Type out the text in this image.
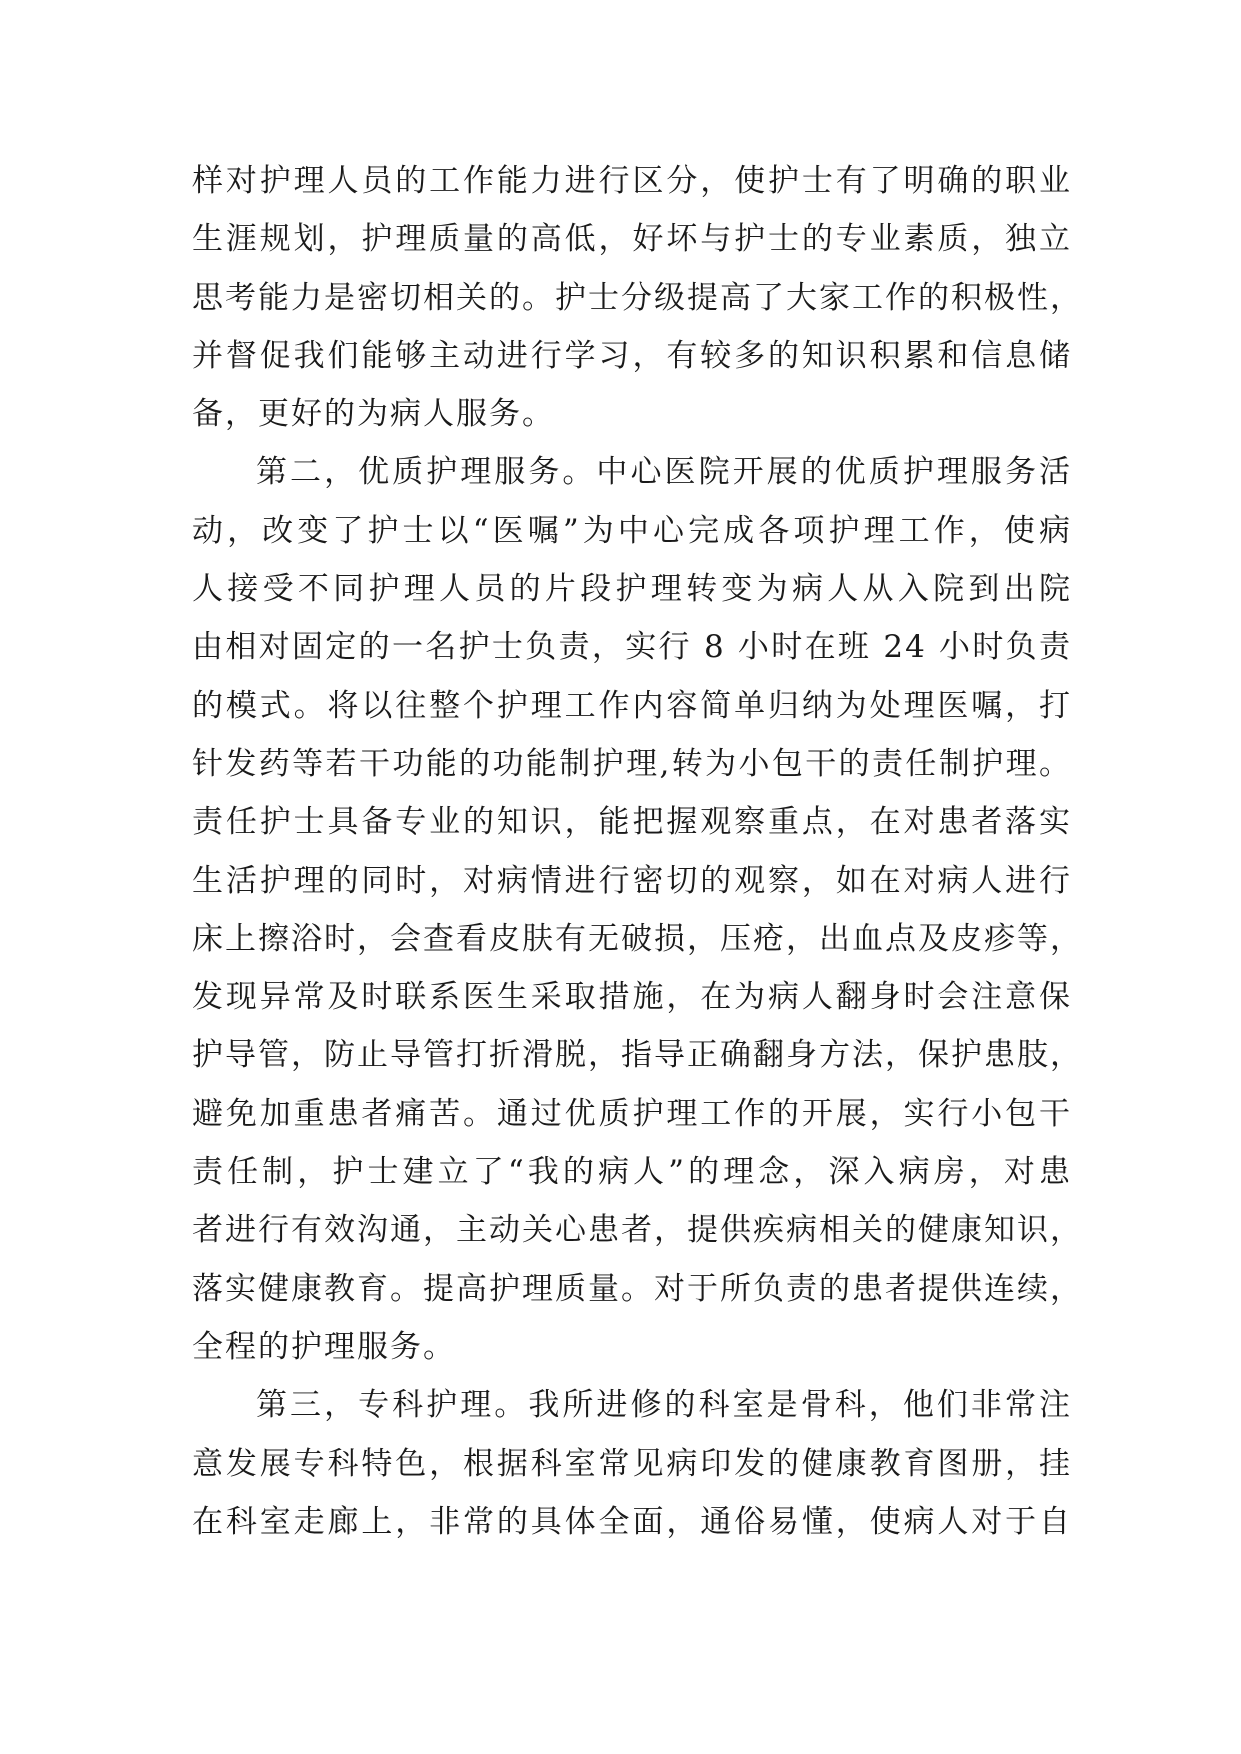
样对护理人员的工作能力进行区分，使护士有了明确的职业
生涯规划，护理质量的高低，好坏与护士的专业素质，独立
思考能力是密切相关的。护士分级提高了大家工作的积极性，
并督促我们能够主动进行学习，有较多的知识积累和信息储
备，更好的为病人服务。
第二，优质护理服务。中心医院开展的优质护理服务活
动，改变了护士以“医嘱”为中心完成各项护理工作，使病
人接受不同护理人员的片段护理转变为病人从入院到出院
由相对固定的一名护士负责，实行 8 小时在班 24 小时负责
的模式。将以往整个护理工作内容简单归纳为处理医嘱，打
针发药等若干功能的功能制护理,转为小包干的责任制护理。
责任护士具备专业的知识，能把握观察重点，在对患者落实
生活护理的同时，对病情进行密切的观察，如在对病人进行
床上擦浴时，会查看皮肤有无破损，压疮，出血点及皮疹等，
发现异常及时联系医生采取措施，在为病人翻身时会注意保
护导管，防止导管打折滑脱，指导正确翻身方法，保护患肢，
避免加重患者痛苦。通过优质护理工作的开展，实行小包干
责任制，护士建立了“我的病人”的理念，深入病房，对患
者进行有效沟通，主动关心患者，提供疾病相关的健康知识，
落实健康教育。提高护理质量。对于所负责的患者提供连续，
全程的护理服务。
第三，专科护理。我所进修的科室是骨科，他们非常注
意发展专科特色，根据科室常见病印发的健康教育图册，挂
在科室走廊上，非常的具体全面，通俗易懂，使病人对于自
